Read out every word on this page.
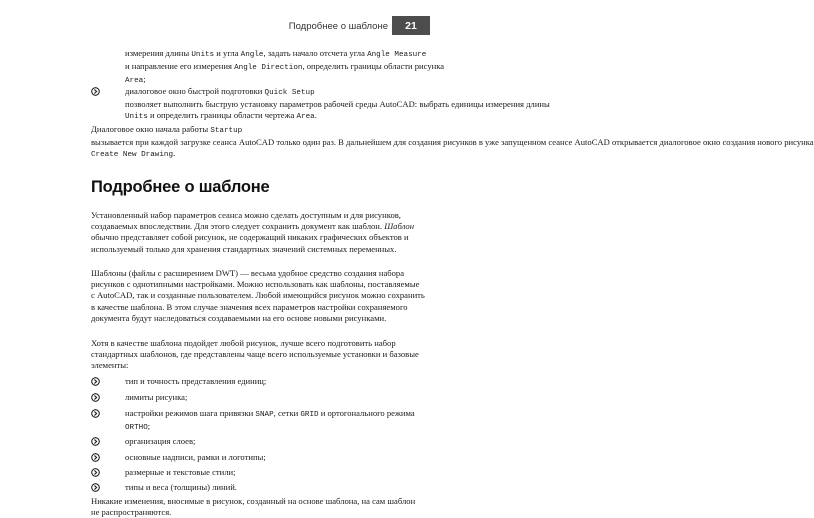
Подробнее о шаблоне 21
измерения длины Units и угла Angle, задать начало отсчета угла Angle Measure
и направление его измерения Angle Direction, определить границы области рисунка
Area;
диалоговое окно быстрой подготовки Quick Setup
позволяет выполнить быструю установку параметров рабочей среды AutoCAD: выбрать единицы измерения длины
Units и определить границы области чертежа Area.
Диалоговое окно начала работы Startup
вызывается при каждой загрузке сеанса AutoCAD только один раз. В дальнейшем для создания рисунков в уже запущенном сеансе AutoCAD открывается диалоговое окно создания нового рисунка
Create New Drawing.
Подробнее о шаблоне
Установленный набор параметров сеанса можно сделать доступным и для рисунков, создаваемых впоследствии. Для этого следует сохранить документ как шаблон. Шаблон обычно представляет собой рисунок, не содержащий никаких графических объектов и используемый только для хранения стандартных значений системных переменных.
Шаблоны (файлы с расширением DWT) — весьма удобное средство создания набора рисунков с однотипными настройками. Можно использовать как шаблоны, поставляемые с AutoCAD, так и созданные пользователем. Любой имеющийся рисунок можно сохранить в качестве шаблона. В этом случае значения всех параметров настройки сохраняемого документа будут наследоваться создаваемыми на его основе новыми рисунками.
Хотя в качестве шаблона подойдет любой рисунок, лучше всего подготовить набор стандартных шаблонов, где представлены чаще всего используемые установки и базовые элементы:
тип и точность представления единиц;
лимиты рисунка;
настройки режимов шага привязки SNAP, сетки GRID и ортогонального режима
ORTHO;
организация слоев;
основные надписи, рамки и логотипы;
размерные и текстовые стили;
типы и веса (толщины) линий.
Никакие изменения, вносимые в рисунок, созданный на основе шаблона, на сам шаблон не распространяются.
